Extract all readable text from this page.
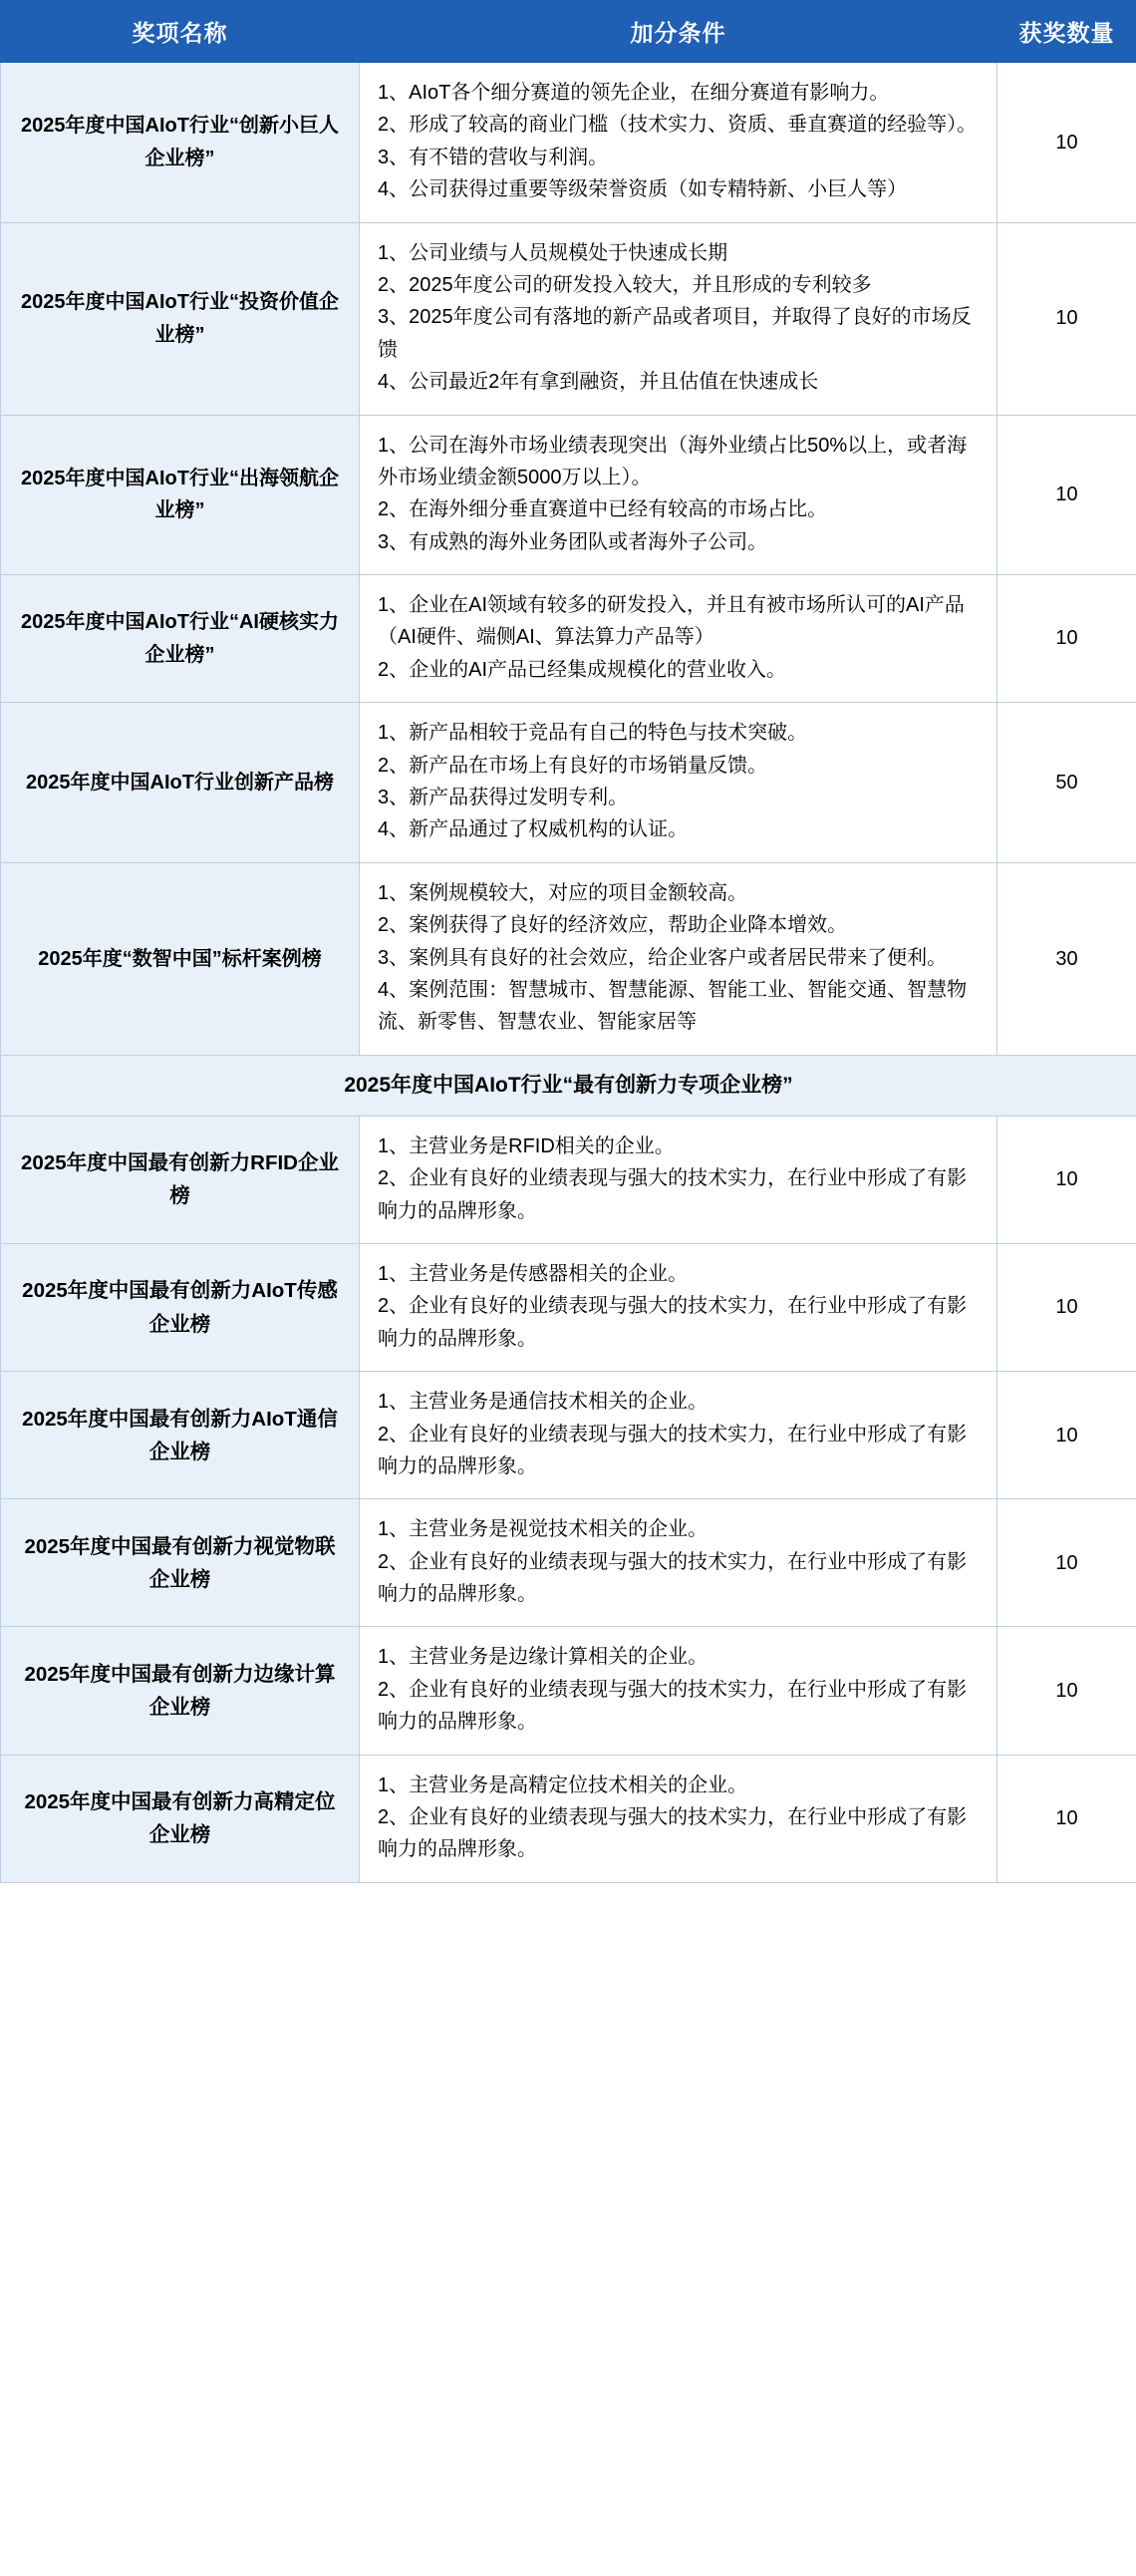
奖项名称	加分条件	获奖数量
2025年度中国AIoT行业“创新小巨人企业榜”	1、AIoT各个细分赛道的领先企业，在细分赛道有影响力。
2、形成了较高的商业门槛（技术实力、资质、垂直赛道的经验等）。
3、有不错的营收与利润。
4、公司获得过重要等级荣誉资质（如专精特新、小巨人等）	10
2025年度中国AIoT行业“投资价值企业榜”	1、公司业绩与人员规模处于快速成长期
2、2025年度公司的研发投入较大，并且形成的专利较多
3、2025年度公司有落地的新产品或者项目，并取得了良好的市场反馈
4、公司最近2年有拿到融资，并且估值在快速成长	10
2025年度中国AIoT行业“出海领航企业榜”	1、公司在海外市场业绩表现突出（海外业绩占比50%以上，或者海外市场业绩金额5000万以上）。
2、在海外细分垂直赛道中已经有较高的市场占比。
3、有成熟的海外业务团队或者海外子公司。	10
2025年度中国AIoT行业“AI硬核实力企业榜”	1、企业在AI领域有较多的研发投入，并且有被市场所认可的AI产品（AI硬件、端侧AI、算法算力产品等）
2、企业的AI产品已经集成规模化的营业收入。	10
2025年度中国AIoT行业创新产品榜	1、新产品相较于竞品有自己的特色与技术突破。
2、新产品在市场上有良好的市场销量反馈。
3、新产品获得过发明专利。
4、新产品通过了权威机构的认证。	50
2025年度“数智中国”标杆案例榜	1、案例规模较大，对应的项目金额较高。
2、案例获得了良好的经济效应，帮助企业降本增效。
3、案例具有良好的社会效应，给企业客户或者居民带来了便利。
4、案例范围：智慧城市、智慧能源、智能工业、智能交通、智慧物流、新零售、智慧农业、智能家居等	30
2025年度中国AIoT行业“最有创新力专项企业榜”		
2025年度中国最有创新力RFID企业榜	1、主营业务是RFID相关的企业。
2、企业有良好的业绩表现与强大的技术实力，在行业中形成了有影响力的品牌形象。	10
2025年度中国最有创新力AIoT传感企业榜	1、主营业务是传感器相关的企业。
2、企业有良好的业绩表现与强大的技术实力，在行业中形成了有影响力的品牌形象。	10
2025年度中国最有创新力AIoT通信企业榜	1、主营业务是通信技术相关的企业。
2、企业有良好的业绩表现与强大的技术实力，在行业中形成了有影响力的品牌形象。	10
2025年度中国最有创新力视觉物联企业榜	1、主营业务是视觉技术相关的企业。
2、企业有良好的业绩表现与强大的技术实力，在行业中形成了有影响力的品牌形象。	10
2025年度中国最有创新力边缘计算企业榜	1、主营业务是边缘计算相关的企业。
2、企业有良好的业绩表现与强大的技术实力，在行业中形成了有影响力的品牌形象。	10
2025年度中国最有创新力高精定位企业榜	1、主营业务是高精定位技术相关的企业。
2、企业有良好的业绩表现与强大的技术实力，在行业中形成了有影响力的品牌形象。	10
